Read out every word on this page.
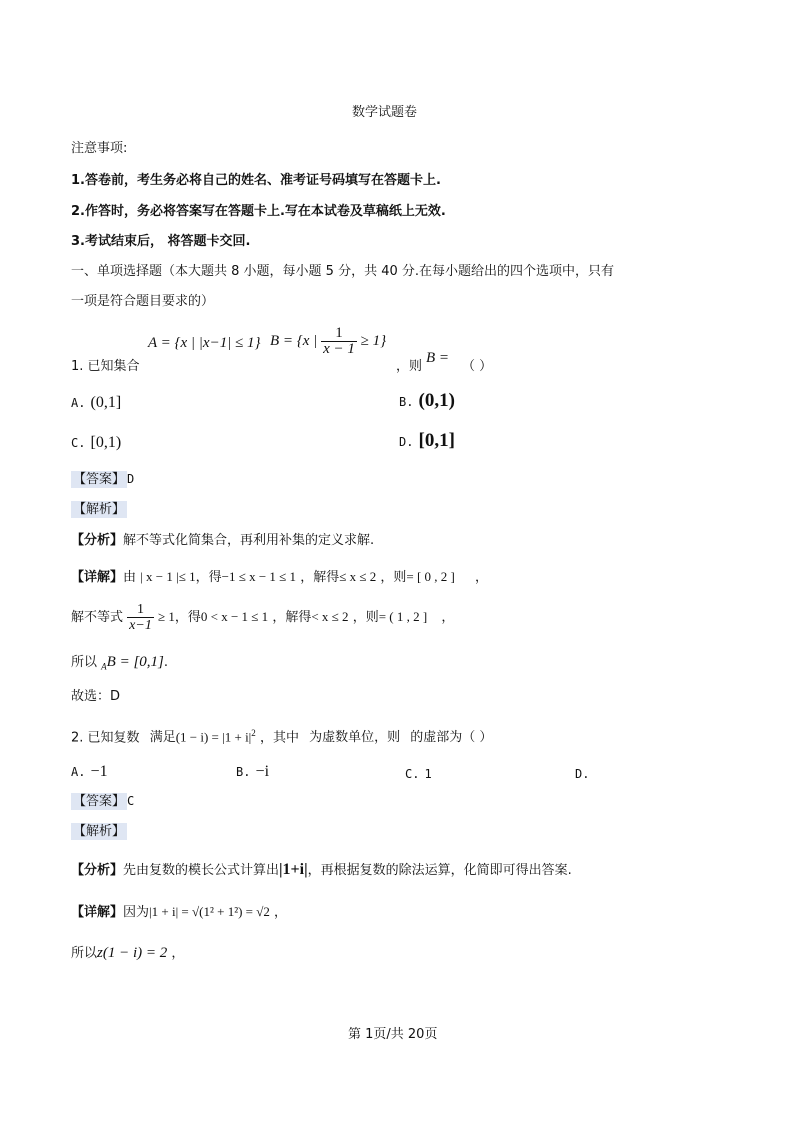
数学试题卷
注意事项:
1.答卷前，考生务必将自己的姓名、准考证号码填写在答题卡上.
2.作答时，务必将答案写在答题卡上.写在本试卷及草稿纸上无效.
3.考试结束后， 将答题卡交回.
一、单项选择题（本大题共 8 小题，每小题 5 分，共 40 分.在每小题给出的四个选项中，只有
一项是符合题目要求的）
A = {x | |x−1| ≤ 1} B = {x | $\frac{1}{x - 1} \ge 1$}
1. 已知集合	，则
B =
（ ）
A. (0,1]	B. (0,1)
C. [0,1)	D. [0,1]
【答案】 D
【解析】
【分析】解不等式化简集合，再利用补集的定义求解.
【详解】由 | x − 1 |≤ 1，得−1 ≤ x − 1 ≤ 1 ，解得≤ x ≤ 2 ，则= [ 0 , 2 ] ，
解不等式 $\frac{1}{x-1} \ge 1$，得0 < x − 1 ≤ 1 ，解得< x ≤ 2 ，则= ( 1 , 2 ] ，
所以 $_A$B = [0,1].
故选：D
2. 已知复数 满足$(1 - i) = |1 + i|^2$ ，其中 为虚数单位，则 的虚部为（ ）
A. −1	B. −i	C. 1	D.
【答案】 C
【解析】
【分析】先由复数的模长公式计算出|1+i|，再根据复数的除法运算，化简即可得出答案.
【详解】因为|1 + i| = √(1² + 1²) = √2 ，
所以z(1 − i) = 2 ，
第 1页/共 20页
